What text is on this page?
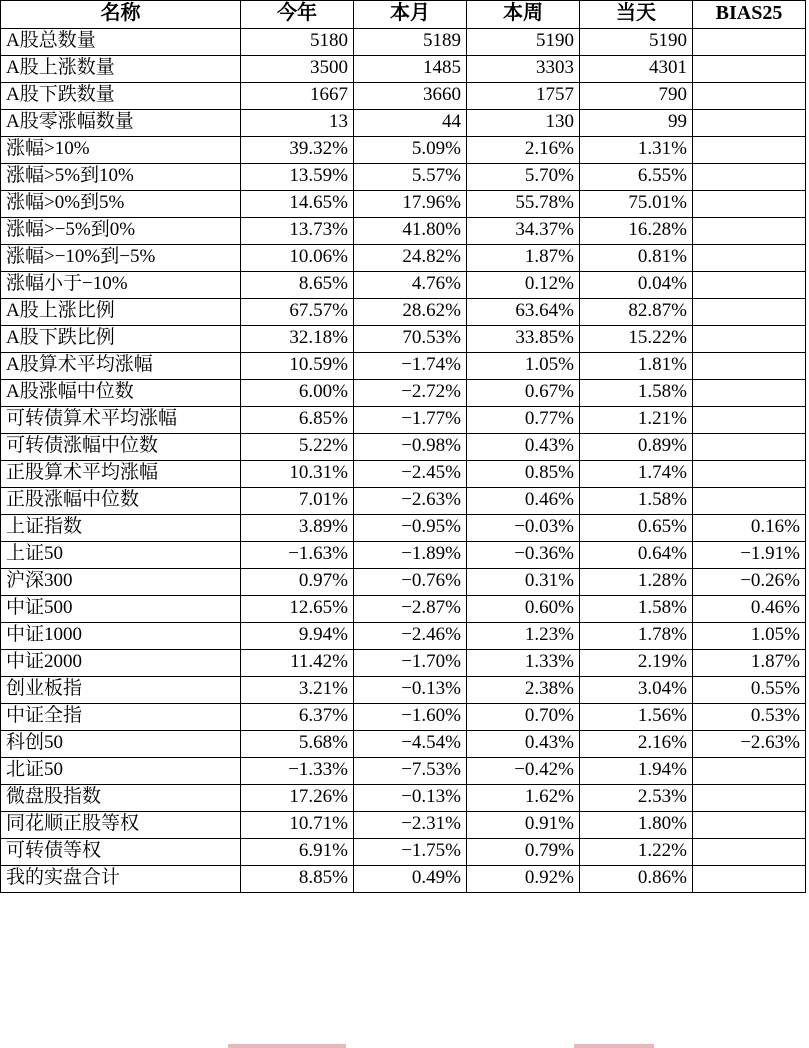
名称	今年	本月	本周	当天	BIAS25
A股总数量	5180	5189	5190	5190	
A股上涨数量	3500	1485	3303	4301	
A股下跌数量	1667	3660	1757	790	
A股零涨幅数量	13	44	130	99	
涨幅>10%	39.32%	5.09%	2.16%	1.31%	
涨幅>5%到10%	13.59%	5.57%	5.70%	6.55%	
涨幅>0%到5%	14.65%	17.96%	55.78%	75.01%	
涨幅>−5%到0%	13.73%	41.80%	34.37%	16.28%	
涨幅>−10%到−5%	10.06%	24.82%	1.87%	0.81%	
涨幅小于−10%	8.65%	4.76%	0.12%	0.04%	
A股上涨比例	67.57%	28.62%	63.64%	82.87%	
A股下跌比例	32.18%	70.53%	33.85%	15.22%	
A股算术平均涨幅	10.59%	−1.74%	1.05%	1.81%	
A股涨幅中位数	6.00%	−2.72%	0.67%	1.58%	
可转债算术平均涨幅	6.85%	−1.77%	0.77%	1.21%	
可转债涨幅中位数	5.22%	−0.98%	0.43%	0.89%	
正股算术平均涨幅	10.31%	−2.45%	0.85%	1.74%	
正股涨幅中位数	7.01%	−2.63%	0.46%	1.58%	
上证指数	3.89%	−0.95%	−0.03%	0.65%	0.16%
上证50	−1.63%	−1.89%	−0.36%	0.64%	−1.91%
沪深300	0.97%	−0.76%	0.31%	1.28%	−0.26%
中证500	12.65%	−2.87%	0.60%	1.58%	0.46%
中证1000	9.94%	−2.46%	1.23%	1.78%	1.05%
中证2000	11.42%	−1.70%	1.33%	2.19%	1.87%
创业板指	3.21%	−0.13%	2.38%	3.04%	0.55%
中证全指	6.37%	−1.60%	0.70%	1.56%	0.53%
科创50	5.68%	−4.54%	0.43%	2.16%	−2.63%
北证50	−1.33%	−7.53%	−0.42%	1.94%	
微盘股指数	17.26%	−0.13%	1.62%	2.53%	
同花顺正股等权	10.71%	−2.31%	0.91%	1.80%	
可转债等权	6.91%	−1.75%	0.79%	1.22%	
我的实盘合计	8.85%	0.49%	0.92%	0.86%	
